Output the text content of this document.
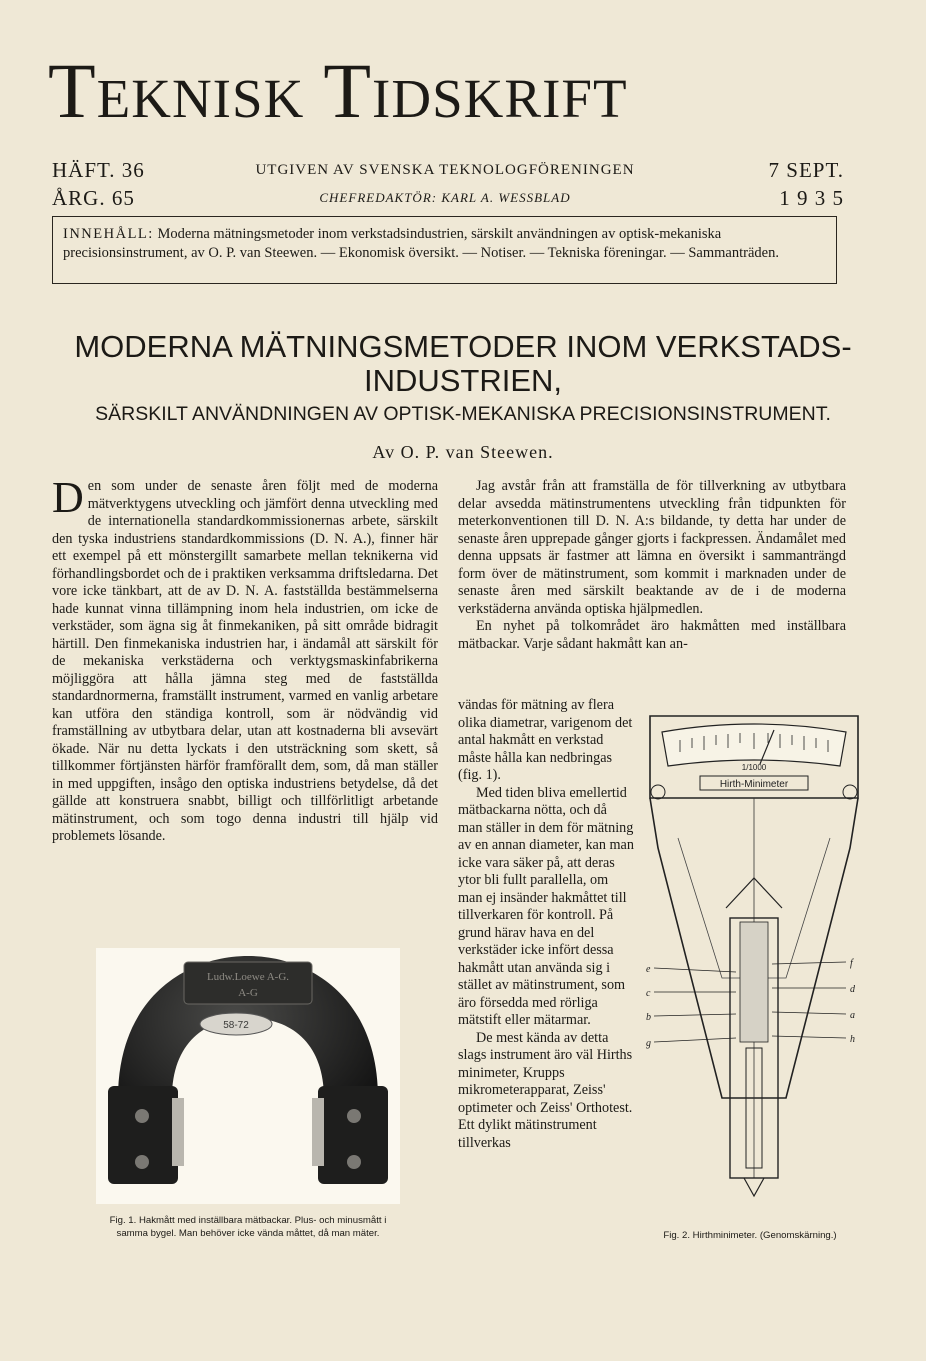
Teknisk Tidskrift
HÄFT. 36
ÅRG. 65
UTGIVEN AV SVENSKA TEKNOLOGFÖRENINGEN
CHEFREDAKTÖR: KARL A. WESSBLAD
7 SEPT.
1 9 3 5
INNEHÅLL: Moderna mätningsmetoder inom verkstadsindustrien, särskilt användningen av optisk-mekaniska precisionsinstrument, av O. P. van Steewen. — Ekonomisk översikt. — Notiser. — Tekniska föreningar. — Sammanträden.
MODERNA MÄTNINGSMETODER INOM VERKSTADS-
INDUSTRIEN,
SÄRSKILT ANVÄNDNINGEN AV OPTISK-MEKANISKA PRECISIONSINSTRUMENT.
Av O. P. van Steewen.

Den som under de senaste åren följt med de moderna mätverktygens utveckling och jämfört denna utveckling med de internationella standardkommissionernas arbete, särskilt den tyska industriens standardkommissions (D. N. A.), finner här ett exempel på ett mönstergillt samarbete mellan teknikerna vid förhandlingsbordet och de i praktiken verksamma driftsledarna. Det vore icke tänkbart, att de av D. N. A. fastställda bestämmelserna hade kunnat vinna tillämpning inom hela industrien, om icke de verkstäder, som ägna sig åt finmekaniken, på sitt område bidragit härtill. Den finmekaniska industrien har, i ändamål att särskilt för de mekaniska verkstäderna och verktygsmaskinfabrikerna möjliggöra att hålla jämna steg med de fastställda standardnormerna, framställt instrument, varmed en vanlig arbetare kan utföra den ständiga kontroll, som är nödvändig vid framställning av utbytbara delar, utan att kostnaderna bli avsevärt ökade. När nu detta lyckats i den utsträckning som skett, så tillkommer förtjänsten härför framförallt dem, som, då man ställer in med uppgiften, insågo den optiska industriens betydelse, då det gällde att konstruera snabbt, billigt och tillförlitligt arbetande mätinstrument, och som togo denna industri till hjälp vid problemets lösande.

Ludw.Loewe A-G.
A-G
58-72
Fig. 1. Hakmått med inställbara mätbackar. Plus- och minusmått i samma bygel. Man behöver icke vända måttet, då man mäter.

Jag avstår från att framställa de för tillverkning av utbytbara delar avsedda mätinstrumentens utveckling från tidpunkten för meterkonventionen till D. N. A:s bildande, ty detta har under de senaste åren upprepade gånger gjorts i fackpressen. Ändamålet med denna uppsats är fastmer att lämna en översikt i sammanträngd form över de mätinstrument, som kommit i marknaden under de senaste åren med särskilt beaktande av de i de moderna verkstäderna använda optiska hjälpmedlen.

En nyhet på tolkområdet äro hakmåtten med inställbara mätbackar. Varje sådant hakmått kan an-

vändas för mätning av flera olika diametrar, varigenom det antal hakmått en verkstad måste hålla kan nedbringas (fig. 1).

Med tiden bliva emellertid mätbackarna nötta, och då man ställer in dem för mätning av en annan diameter, kan man icke vara säker på, att deras ytor bli fullt parallella, om man ej insänder hakmåttet till tillverkaren för kontroll. På grund härav hava en del verkstäder icke infört dessa hakmått utan använda sig i stället av mätinstrument, som äro försedda med rörliga mätstift eller mätarmar.

De mest kända av detta slags instrument äro väl Hirths minimeter, Krupps mikrometerapparat, Zeiss' optimeter och Zeiss' Orthotest. Ett dylikt mätinstrument tillverkas

1/1000
Hirth-Minimeter
e
c
b
g
f
d
a
h
Fig. 2. Hirthminimeter. (Genomskärning.)
